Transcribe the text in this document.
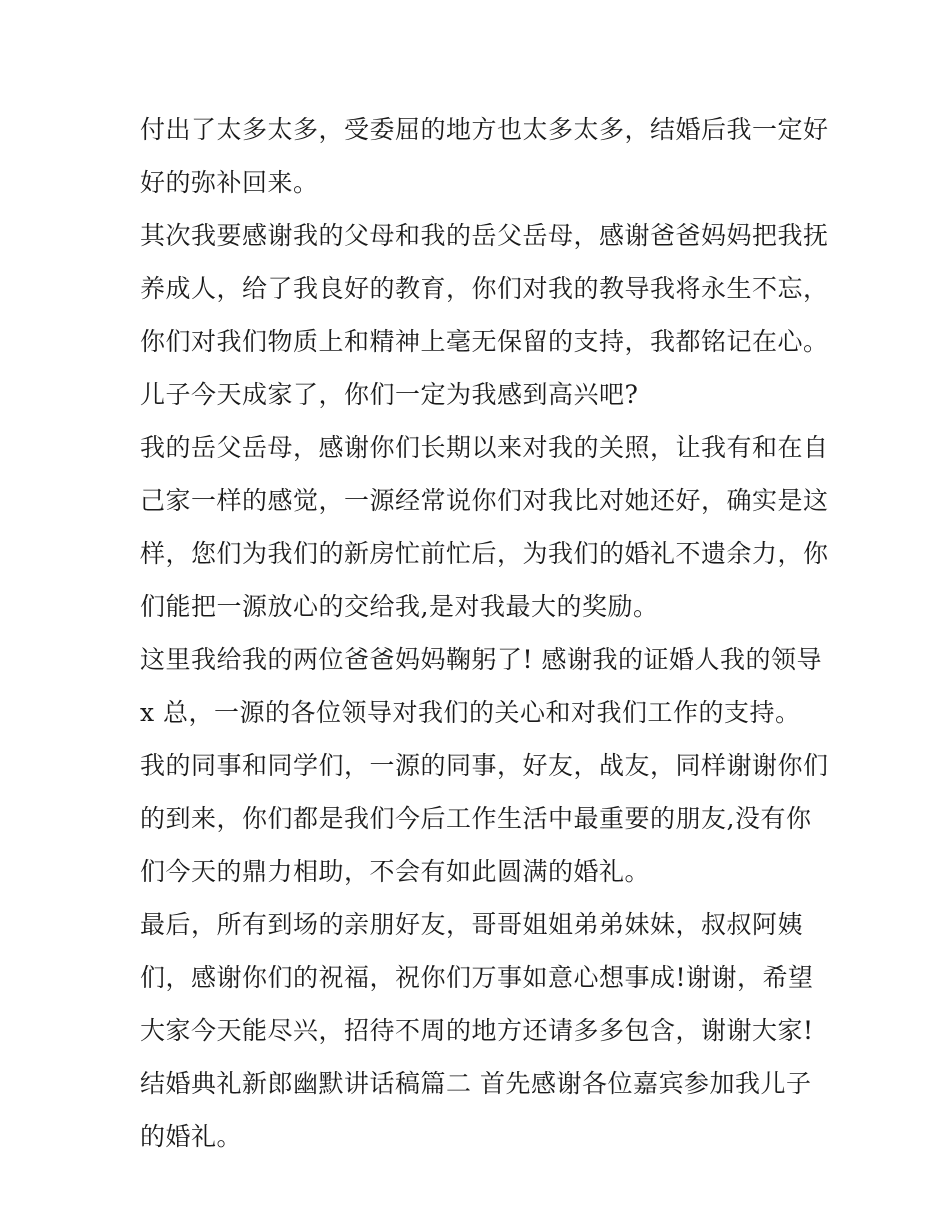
付出了太多太多，受委屈的地方也太多太多，结婚后我一定好
好的弥补回来。
其次我要感谢我的父母和我的岳父岳母，感谢爸爸妈妈把我抚
养成人，给了我良好的教育，你们对我的教导我将永生不忘，
你们对我们物质上和精神上毫无保留的支持，我都铭记在心。
儿子今天成家了，你们一定为我感到高兴吧?
我的岳父岳母，感谢你们长期以来对我的关照，让我有和在自
己家一样的感觉，一源经常说你们对我比对她还好，确实是这
样，您们为我们的新房忙前忙后，为我们的婚礼不遗余力，你
们能把一源放心的交给我,是对我最大的奖励。
这里我给我的两位爸爸妈妈鞠躬了! 感谢我的证婚人我的领导
x 总，一源的各位领导对我们的关心和对我们工作的支持。
我的同事和同学们，一源的同事，好友，战友，同样谢谢你们
的到来，你们都是我们今后工作生活中最重要的朋友,没有你
们今天的鼎力相助，不会有如此圆满的婚礼。
最后，所有到场的亲朋好友，哥哥姐姐弟弟妹妹，叔叔阿姨
们，感谢你们的祝福，祝你们万事如意心想事成!谢谢，希望
大家今天能尽兴，招待不周的地方还请多多包含，谢谢大家!
结婚典礼新郎幽默讲话稿篇二 首先感谢各位嘉宾参加我儿子
的婚礼。
